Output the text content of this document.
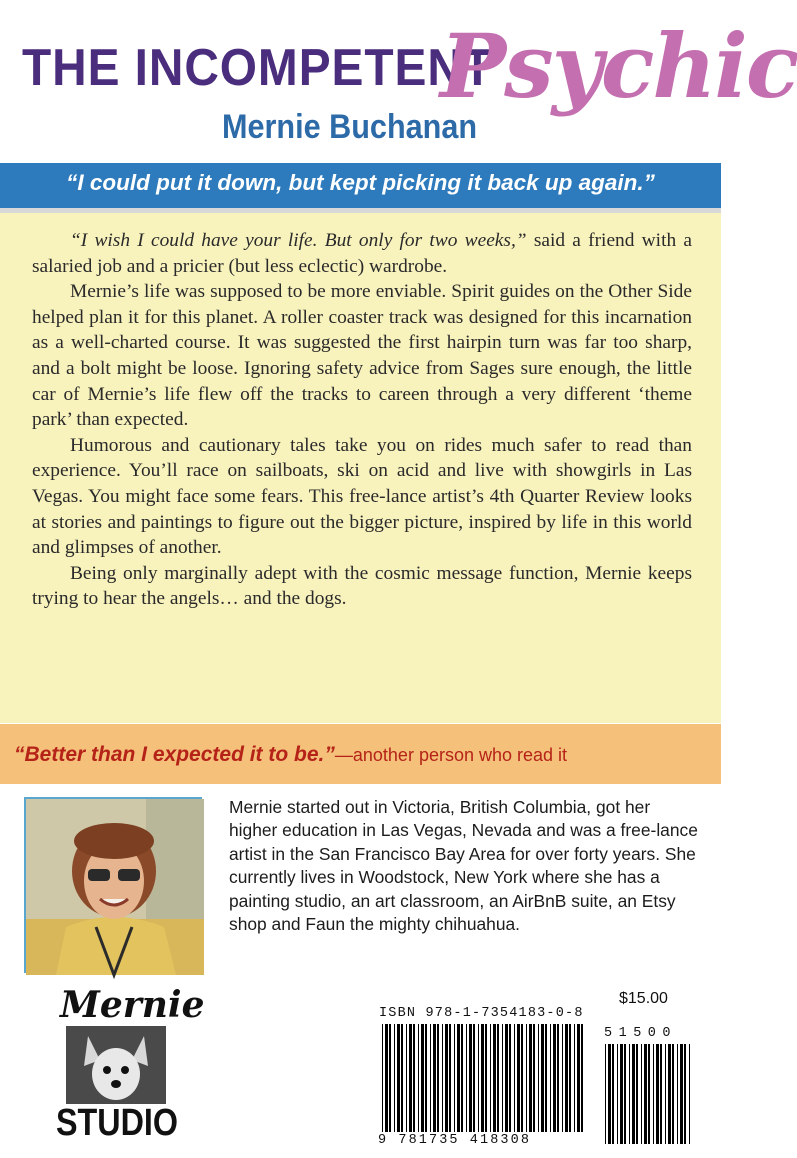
THE INCOMPETENT
Psychic
Mernie Buchanan
“I could put it down, but kept picking it back up again.”

“I wish I could have your life. But only for two weeks,” said a friend with a salaried job and a pricier (but less eclectic) wardrobe.

Mernie’s life was supposed to be more enviable. Spirit guides on the Other Side helped plan it for this planet. A roller coaster track was designed for this incarnation as a well-charted course. It was suggested the first hairpin turn was far too sharp, and a bolt might be loose. Ignoring safety advice from Sages sure enough, the little car of Mernie’s life flew off the tracks to careen through a very different ‘theme park’ than expected.

Humorous and cautionary tales take you on rides much safer to read than experience. You’ll race on sailboats, ski on acid and live with showgirls in Las Vegas. You might face some fears. This free-lance artist’s 4th Quarter Review looks at stories and paintings to figure out the bigger picture, inspired by life in this world and glimpses of another.

Being only marginally adept with the cosmic message function, Mernie keeps trying to hear the angels… and the dogs.

“Better than I expected it to be.”—another person who read it
Mernie started out in Victoria, British Columbia, got her higher education in Las Vegas, Nevada and was a free-lance artist in the San Francisco Bay Area for over forty years. She currently lives in Woodstock, New York where she has a painting studio, an art classroom, an AirBnB suite, an Etsy shop and Faun the mighty chihuahua.
Mernie
STUDIO
$15.00
ISBN 978-1-7354183-0-8
9 781735 418308
51500
